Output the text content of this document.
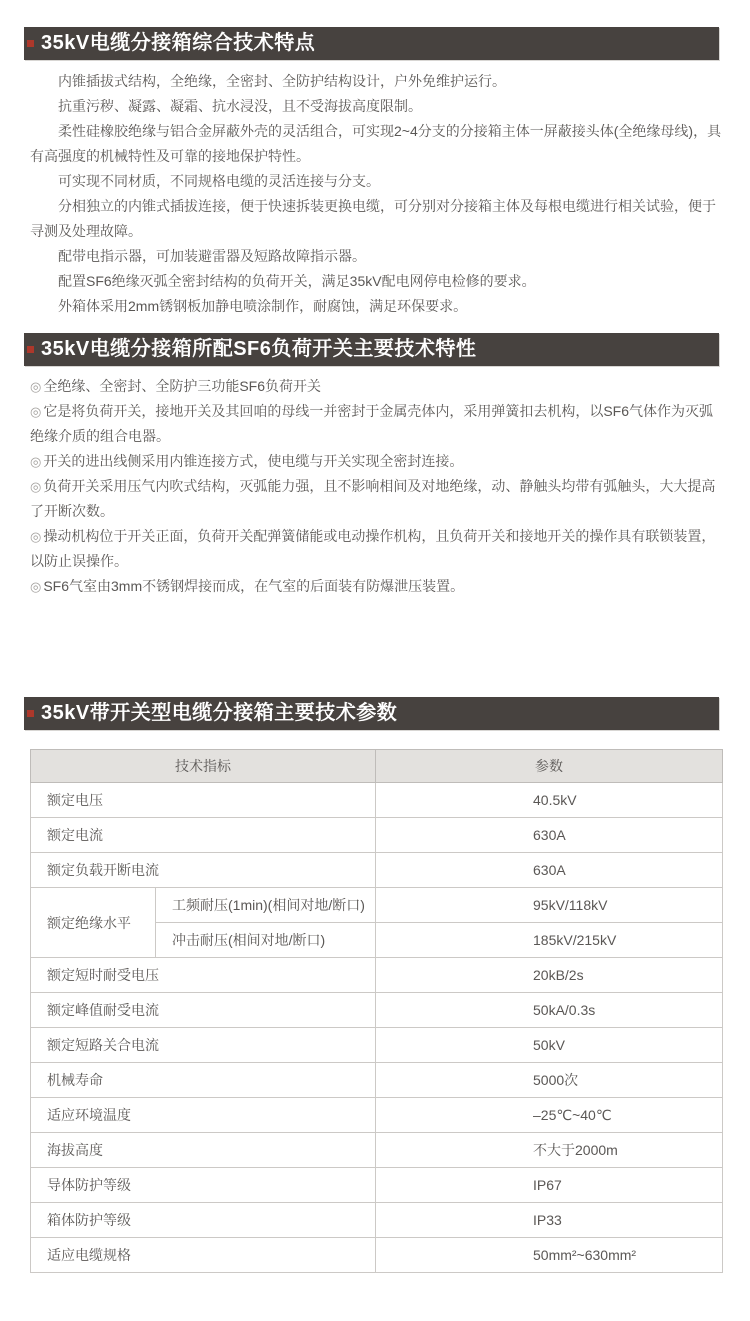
35kV电缆分接箱综合技术特点

内锥插拔式结构，全绝缘，全密封、全防护结构设计，户外免维护运行。

抗重污秽、凝露、凝霜、抗水浸没，且不受海拔高度限制。

柔性硅橡胶绝缘与铝合金屏蔽外壳的灵活组合，可实现2~4分支的分接箱主体一屏蔽接头体(全绝缘母线)，具有高强度的机械特性及可靠的接地保护特性。

可实现不同材质，不同规格电缆的灵活连接与分支。

分相独立的内锥式插拔连接，便于快速拆装更换电缆，可分别对分接箱主体及每根电缆进行相关试验，便于寻测及处理故障。

配带电指示器，可加装避雷器及短路故障指示器。

配置SF6绝缘灭弧全密封结构的负荷开关，满足35kV配电网停电检修的要求。

外箱体采用2mm锈钢板加静电喷涂制作，耐腐蚀，满足环保要求。

35kV电缆分接箱所配SF6负荷开关主要技术特性

◎ 全绝缘、全密封、全防护三功能SF6负荷开关

◎ 它是将负荷开关，接地开关及其回咱的母线一并密封于金属壳体内，采用弹簧扣去机构，以SF6气体作为灭弧绝缘介质的组合电器。

◎ 开关的进出线侧采用内锥连接方式，使电缆与开关实现全密封连接。

◎ 负荷开关采用压气内吹式结构，灭弧能力强，且不影响相间及对地绝缘，动、静触头均带有弧触头，大大提高了开断次数。

◎ 操动机构位于开关正面，负荷开关配弹簧储能或电动操作机构，且负荷开关和接地开关的操作具有联锁装置，以防止误操作。

◎ SF6气室由3mm不锈钢焊接而成，在气室的后面装有防爆泄压装置。

35kV带开关型电缆分接箱主要技术参数
技术指标		参数
额定电压		40.5kV
额定电流		630A
额定负载开断电流		630A
额定绝缘水平	工频耐压(1min)(相间对地/断口)	95kV/118kV
	冲击耐压(相间对地/断口)	185kV/215kV
额定短时耐受电压		20kB/2s
额定峰值耐受电流		50kA/0.3s
额定短路关合电流		50kV
机械寿命		5000次
适应环境温度		–25℃~40℃
海拔高度		不大于2000m
导体防护等级		IP67
箱体防护等级		IP33
适应电缆规格		50mm²~630mm²
